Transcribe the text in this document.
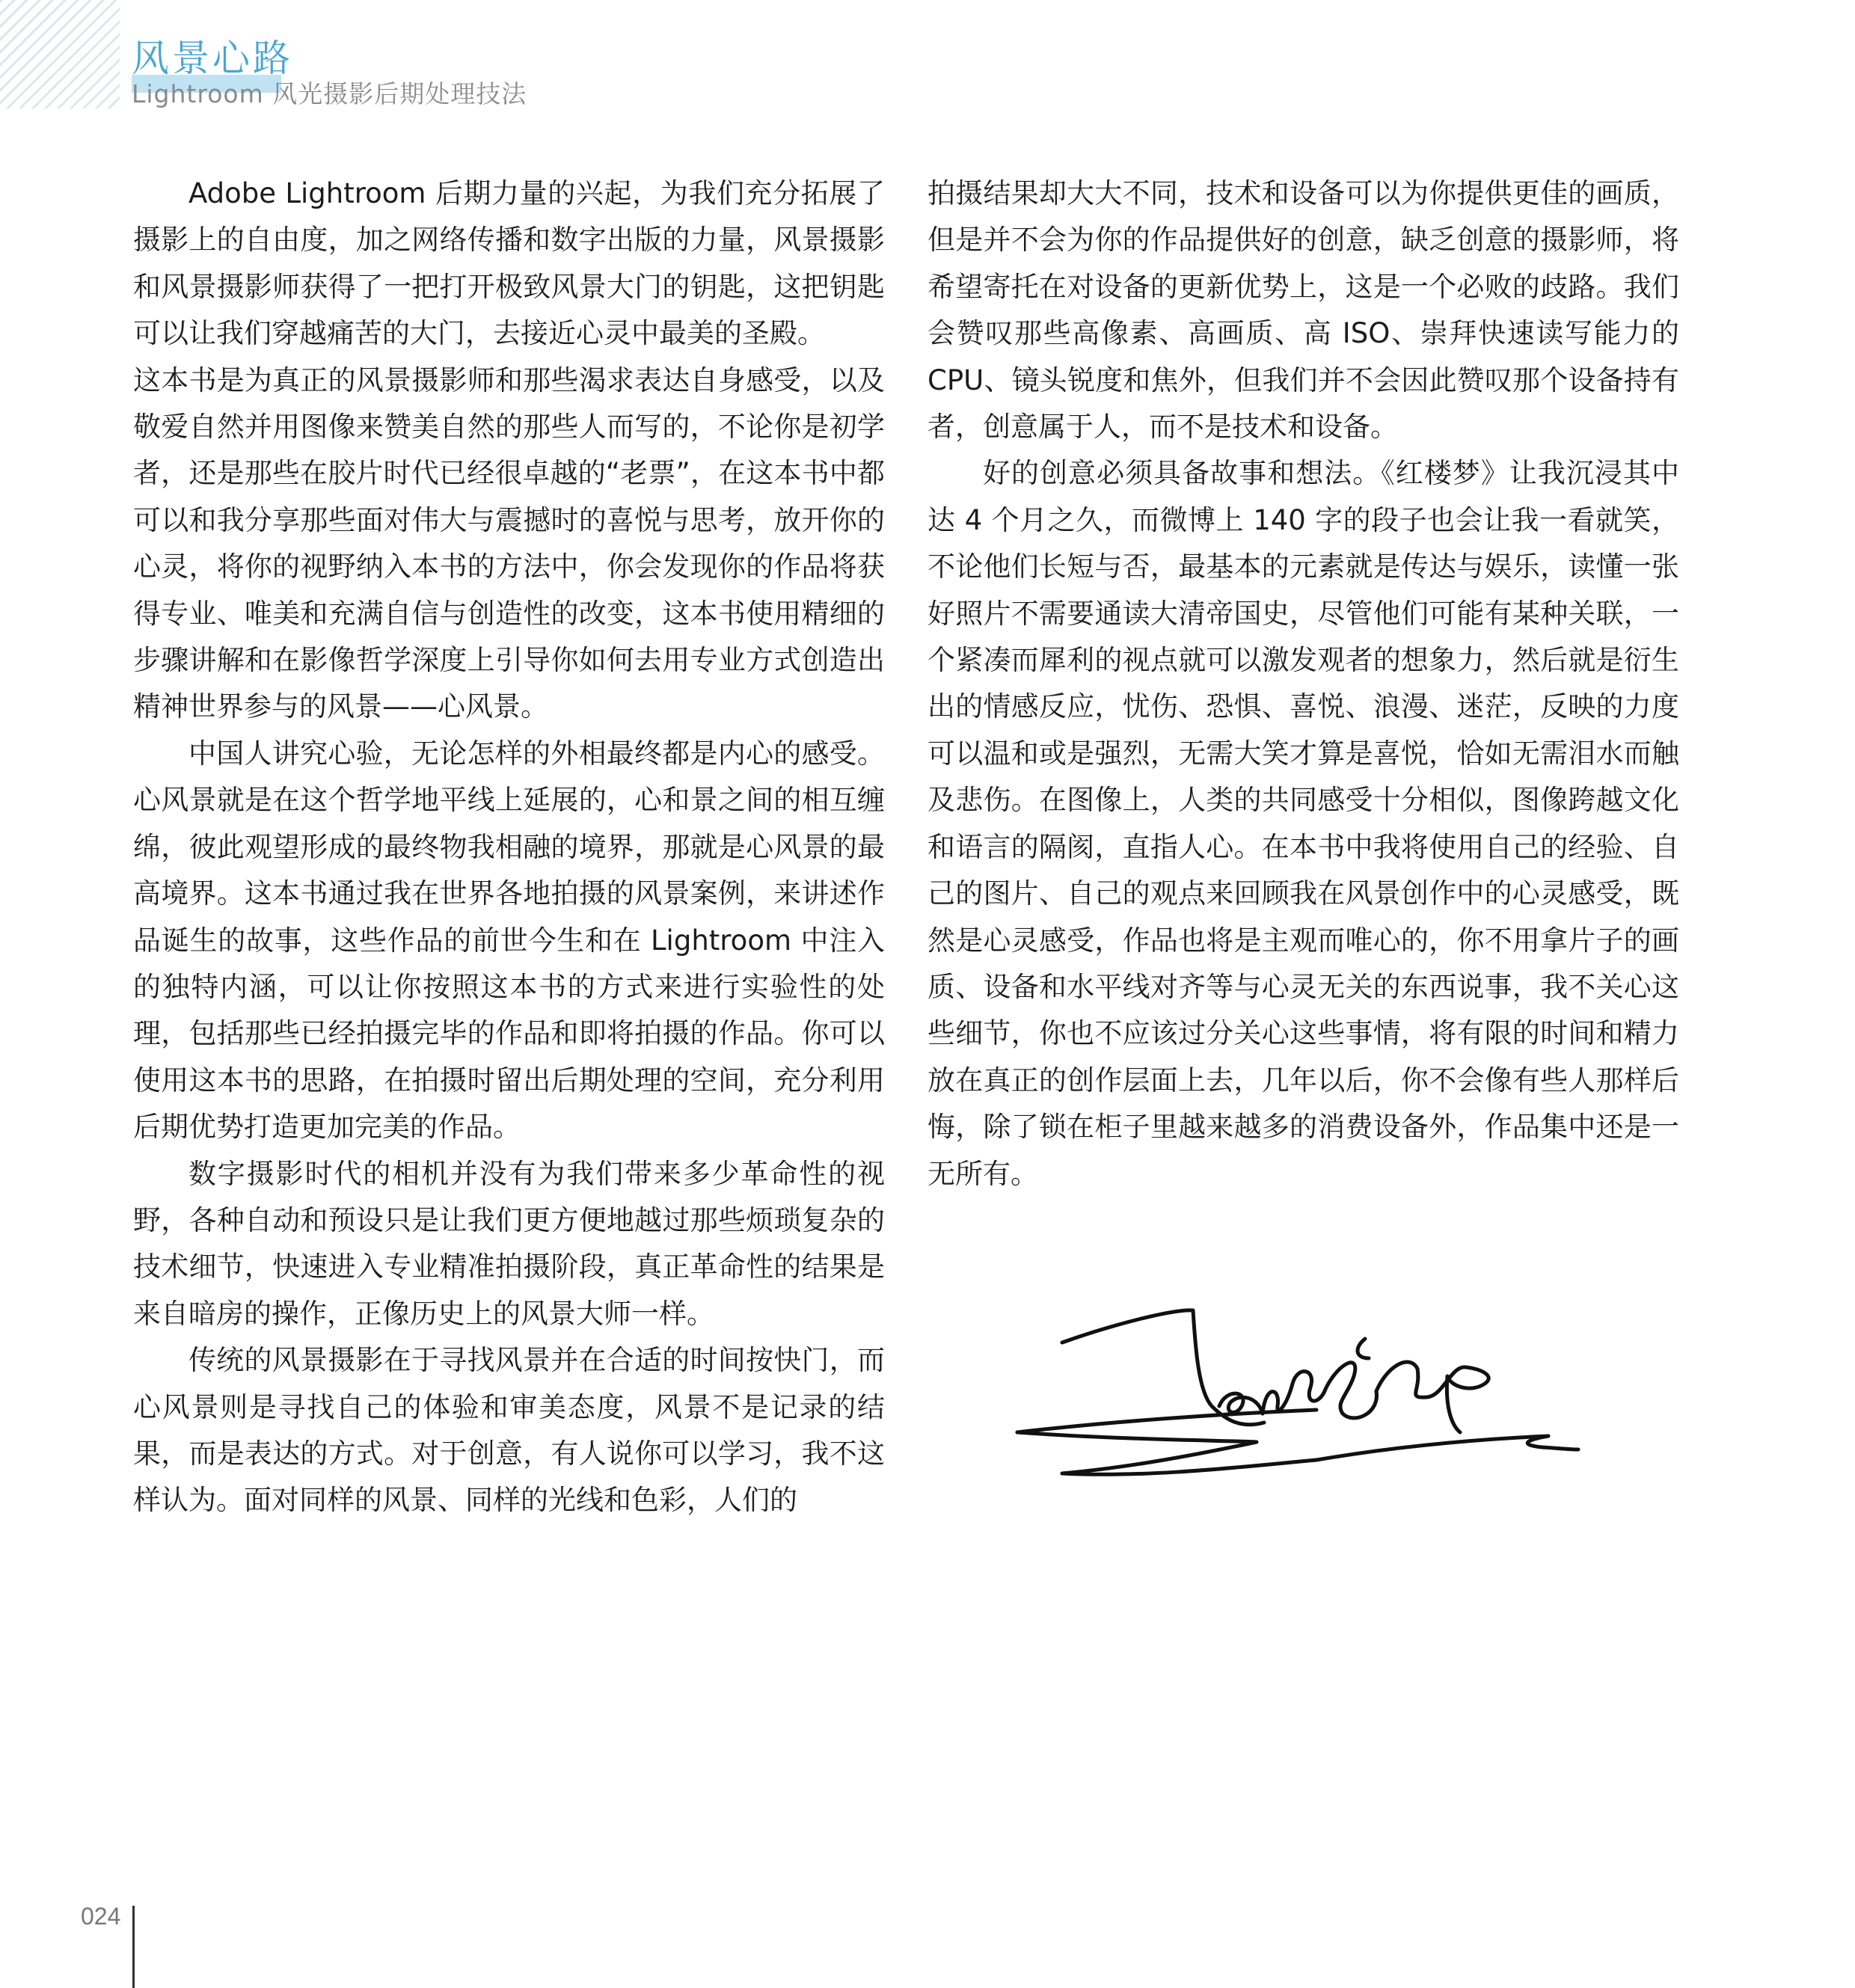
风景心路
Lightroom 风光摄影后期处理技法

Adobe Lightroom 后期力量的兴起，为我们充分拓展了摄影上的自由度，加之网络传播和数字出版的力量，风景摄影和风景摄影师获得了一把打开极致风景大门的钥匙，这把钥匙可以让我们穿越痛苦的大门，去接近心灵中最美的圣殿。

这本书是为真正的风景摄影师和那些渴求表达自身感受，以及敬爱自然并用图像来赞美自然的那些人而写的，不论你是初学者，还是那些在胶片时代已经很卓越的“老票”，在这本书中都可以和我分享那些面对伟大与震撼时的喜悦与思考，放开你的心灵，将你的视野纳入本书的方法中，你会发现你的作品将获得专业、唯美和充满自信与创造性的改变，这本书使用精细的步骤讲解和在影像哲学深度上引导你如何去用专业方式创造出精神世界参与的风景——心风景。

中国人讲究心验，无论怎样的外相最终都是内心的感受。心风景就是在这个哲学地平线上延展的，心和景之间的相互缠绵，彼此观望形成的最终物我相融的境界，那就是心风景的最高境界。这本书通过我在世界各地拍摄的风景案例，来讲述作品诞生的故事，这些作品的前世今生和在 Lightroom 中注入的独特内涵，可以让你按照这本书的方式来进行实验性的处理，包括那些已经拍摄完毕的作品和即将拍摄的作品。你可以使用这本书的思路，在拍摄时留出后期处理的空间，充分利用后期优势打造更加完美的作品。

数字摄影时代的相机并没有为我们带来多少革命性的视野，各种自动和预设只是让我们更方便地越过那些烦琐复杂的技术细节，快速进入专业精准拍摄阶段，真正革命性的结果是来自暗房的操作，正像历史上的风景大师一样。

传统的风景摄影在于寻找风景并在合适的时间按快门，而心风景则是寻找自己的体验和审美态度，风景不是记录的结果，而是表达的方式。对于创意，有人说你可以学习，我不这样认为。面对同样的风景、同样的光线和色彩，人们的

拍摄结果却大大不同，技术和设备可以为你提供更佳的画质，但是并不会为你的作品提供好的创意，缺乏创意的摄影师，将希望寄托在对设备的更新优势上，这是一个必败的歧路。我们会赞叹那些高像素、高画质、高 ISO、崇拜快速读写能力的 CPU、镜头锐度和焦外，但我们并不会因此赞叹那个设备持有者，创意属于人，而不是技术和设备。

好的创意必须具备故事和想法。《红楼梦》让我沉浸其中达 4 个月之久，而微博上 140 字的段子也会让我一看就笑，不论他们长短与否，最基本的元素就是传达与娱乐，读懂一张好照片不需要通读大清帝国史，尽管他们可能有某种关联，一个紧凑而犀利的视点就可以激发观者的想象力，然后就是衍生出的情感反应，忧伤、恐惧、喜悦、浪漫、迷茫，反映的力度可以温和或是强烈，无需大笑才算是喜悦，恰如无需泪水而触及悲伤。在图像上，人类的共同感受十分相似，图像跨越文化和语言的隔阂，直指人心。在本书中我将使用自己的经验、自己的图片、自己的观点来回顾我在风景创作中的心灵感受，既然是心灵感受，作品也将是主观而唯心的，你不用拿片子的画质、设备和水平线对齐等与心灵无关的东西说事，我不关心这些细节，你也不应该过分关心这些事情，将有限的时间和精力放在真正的创作层面上去，几年以后，你不会像有些人那样后悔，除了锁在柜子里越来越多的消费设备外，作品集中还是一无所有。

024
